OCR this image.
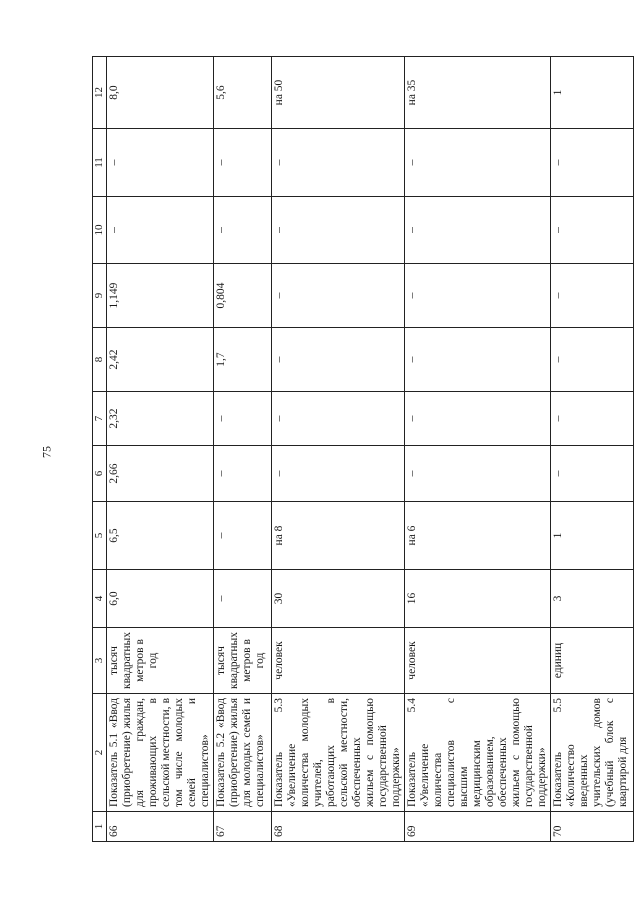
75
1	2	3	4	5	6	7	8	9	10	11	12
66	Показатель 5.1 «Ввод (приобретение) жилья для граждан, проживающих в сельской местности, в том числе молодых семей и специалистов»	тысяч квадратных метров в год	6,0	6,5	2,66	2,32	2,42	1,149	–	–	8,0
67	Показатель 5.2 «Ввод (приобретение) жилья для молодых семей и специалистов»	тысяч квадратных метров в год	–	–	–	–	1,7	0,804	–	–	5,6
68	Показатель 5.3 «Увеличение количества молодых учителей, работающих в сельской местности, обеспеченных жильем с помощью государственной поддержки»	человек	30	на 8	–	–	–	–	–	–	на 50
69	Показатель 5.4 «Увеличение количества специалистов с высшим медицинским образованием, обеспеченных жильем с помощью государственной поддержки»	человек	16	на 6	–	–	–	–	–	–	на 35
70	Показатель 5.5 «Количество введенных учительских домов (учебный блок с квартирой для	единиц	3	1	–	–	–	–	–	–	1
